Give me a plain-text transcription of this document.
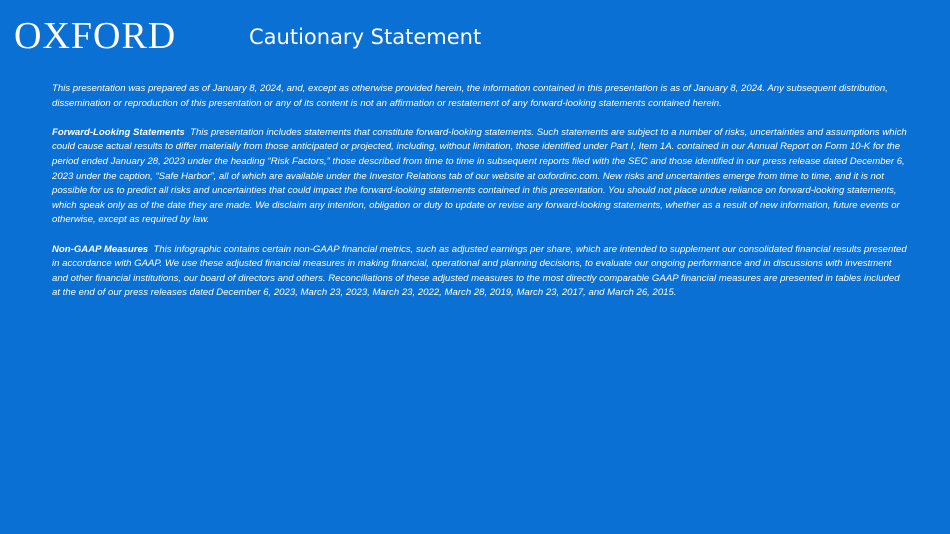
OXFORD	Cautionary Statement

This presentation was prepared as of January 8, 2024, and, except as otherwise provided herein, the information contained in this presentation is as of January 8, 2024. Any subsequent distribution, dissemination or reproduction of this presentation or any of its content is not an affirmation or restatement of any forward-looking statements contained herein.

Forward-Looking Statements This presentation includes statements that constitute forward-looking statements. Such statements are subject to a number of risks, uncertainties and assumptions which could cause actual results to differ materially from those anticipated or projected, including, without limitation, those identified under Part I, Item 1A. contained in our Annual Report on Form 10-K for the period ended January 28, 2023 under the heading “Risk Factors,” those described from time to time in subsequent reports filed with the SEC and those identified in our press release dated December 6, 2023 under the caption, “Safe Harbor”, all of which are available under the Investor Relations tab of our website at oxfordinc.com. New risks and uncertainties emerge from time to time, and it is not possible for us to predict all risks and uncertainties that could impact the forward-looking statements contained in this presentation. You should not place undue reliance on forward-looking statements, which speak only as of the date they are made. We disclaim any intention, obligation or duty to update or revise any forward-looking statements, whether as a result of new information, future events or otherwise, except as required by law.

Non-GAAP Measures This infographic contains certain non-GAAP financial metrics, such as adjusted earnings per share, which are intended to supplement our consolidated financial results presented in accordance with GAAP. We use these adjusted financial measures in making financial, operational and planning decisions, to evaluate our ongoing performance and in discussions with investment and other financial institutions, our board of directors and others. Reconciliations of these adjusted measures to the most directly comparable GAAP financial measures are presented in tables included at the end of our press releases dated December 6, 2023, March 23, 2023, March 23, 2022, March 28, 2019, March 23, 2017, and March 26, 2015.
